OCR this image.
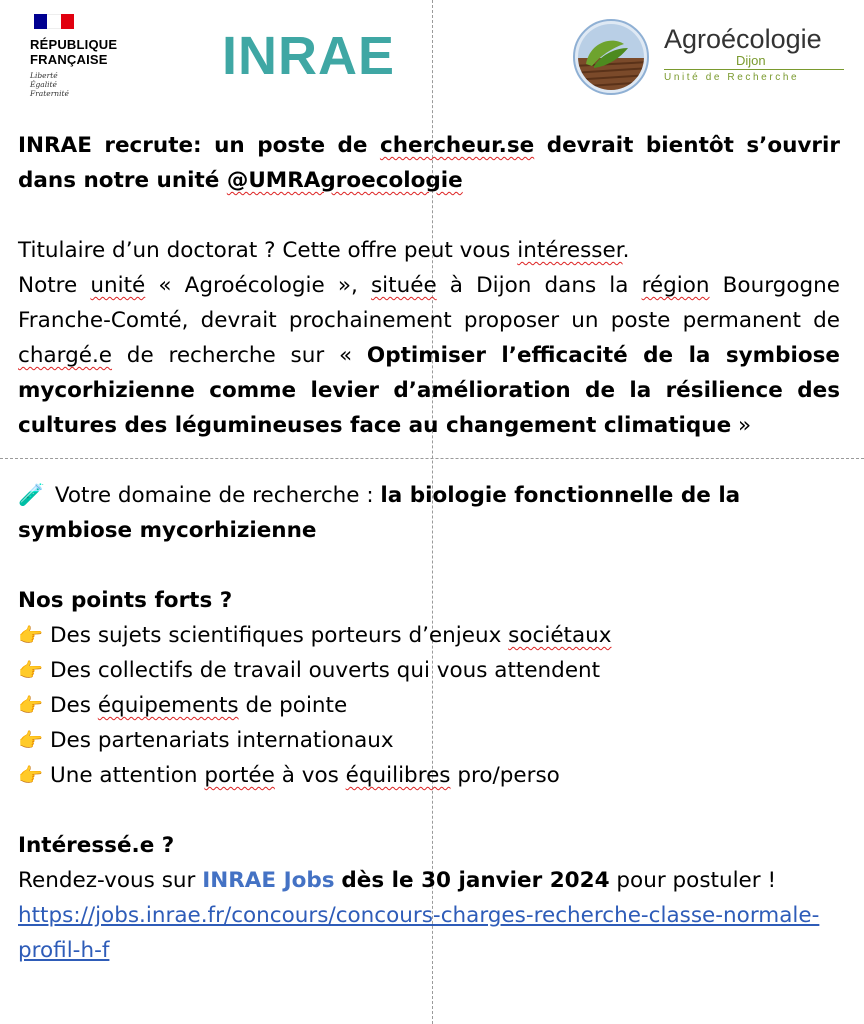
RÉPUBLIQUE
FRANÇAISE
Liberté
Égalité
Fraternité
INRAE	Agroécologie
Dijon
Unité de Recherche

INRAE recrute: un poste de chercheur.se devrait bientôt s’ouvrir dans notre unité @UMRAgroecologie

Titulaire d’un doctorat ? Cette offre peut vous intéresser.

Notre unité « Agroécologie », située à Dijon dans la région Bourgogne Franche-Comté, devrait prochainement proposer un poste permanent de chargé.e de recherche sur « Optimiser l’efficacité de la symbiose mycorhizienne comme levier d’amélioration de la résilience des cultures des légumineuses face au changement climatique »

🧪 Votre domaine de recherche : la biologie fonctionnelle de la symbiose mycorhizienne

Nos points forts ?

👉 Des sujets scientifiques porteurs d’enjeux sociétaux

👉 Des collectifs de travail ouverts qui vous attendent

👉 Des équipements de pointe

👉 Des partenariats internationaux

👉 Une attention portée à vos équilibres pro/perso

Intéressé.e ?

Rendez-vous sur INRAE Jobs dès le 30 janvier 2024 pour postuler !

https://jobs.inrae.fr/concours/concours-charges-recherche-classe-normale-profil-h-f
